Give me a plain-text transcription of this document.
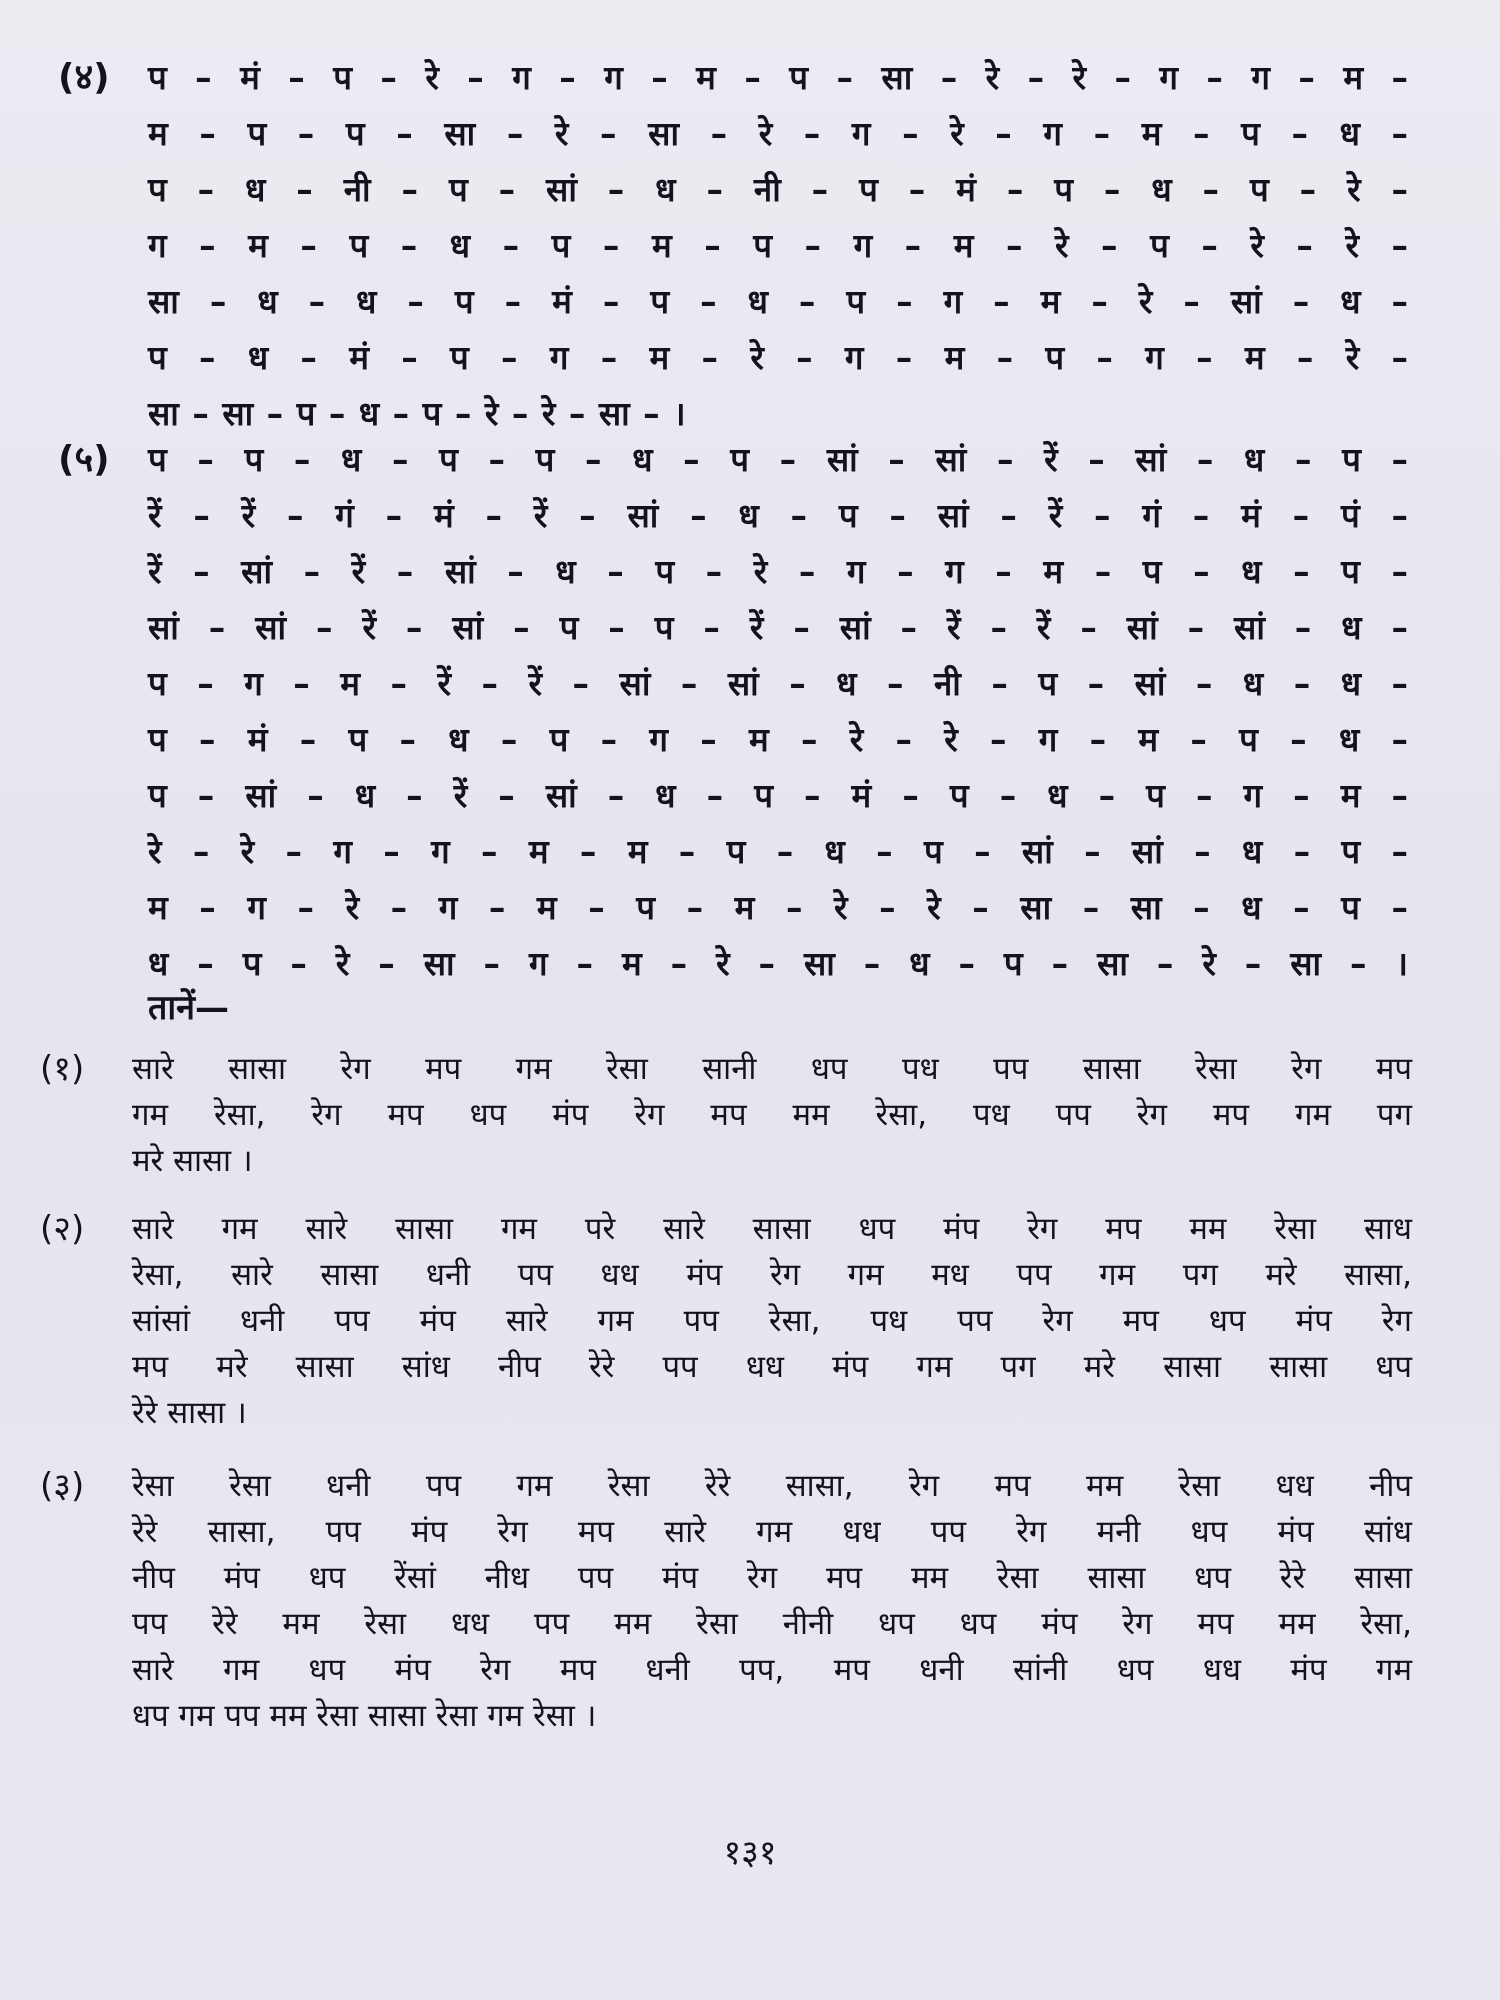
(४)	प – मं – प – रे – ग – ग – म – प – सा – रे – रे – ग – ग – म –
म – प – प – सा – रे – सा – रे – ग – रे – ग – म – प – ध –
प – ध – नी – प – सां – ध – नी – प – मं – प – ध – प – रे –
ग – म – प – ध – प – म – प – ग – म – रे – प – रे – रे –
सा – ध – ध – प – मं – प – ध – प – ग – म – रे – सां – ध –
प – ध – मं – प – ग – म – रे – ग – म – प – ग – म – रे –
सा – सा – प – ध – प – रे – रे – सा – ।
(५)	प – प – ध – प – प – ध – प – सां – सां – रें – सां – ध – प –
रें – रें – गं – मं – रें – सां – ध – प – सां – रें – गं – मं – पं –
रें – सां – रें – सां – ध – प – रे – ग – ग – म – प – ध – प –
सां – सां – रें – सां – प – प – रें – सां – रें – रें – सां – सां – ध –
प – ग – म – रें – रें – सां – सां – ध – नी – प – सां – ध – ध –
प – मं – प – ध – प – ग – म – रे – रे – ग – म – प – ध –
प – सां – ध – रें – सां – ध – प – मं – प – ध – प – ग – म –
रे – रे – ग – ग – म – म – प – ध – प – सां – सां – ध – प –
म – ग – रे – ग – म – प – म – रे – रे – सा – सा – ध – प –
ध – प – रे – सा – ग – म – रे – सा – ध – प – सा – रे – सा – ।
तानें—
(१)	सारे सासा रेग मप गम रेसा सानी धप पध पप सासा रेसा रेग मप
गम रेसा, रेग मप धप मंप रेग मप मम रेसा, पध पप रेग मप गम पग
मरे सासा ।
(२)	सारे गम सारे सासा गम परे सारे सासा धप मंप रेग मप मम रेसा साध
रेसा, सारे सासा धनी पप धध मंप रेग गम मध पप गम पग मरे सासा,
सांसां धनी पप मंप सारे गम पप रेसा, पध पप रेग मप धप मंप रेग
मप मरे सासा सांध नीप रेरे पप धध मंप गम पग मरे सासा सासा धप
रेरे सासा ।
(३)	रेसा रेसा धनी पप गम रेसा रेरे सासा, रेग मप मम रेसा धध नीप
रेरे सासा, पप मंप रेग मप सारे गम धध पप रेग मनी धप मंप सांध
नीप मंप धप रेंसां नीध पप मंप रेग मप मम रेसा सासा धप रेरे सासा
पप रेरे मम रेसा धध पप मम रेसा नीनी धप धप मंप रेग मप मम रेसा,
सारे गम धप मंप रेग मप धनी पप, मप धनी सांनी धप धध मंप गम
धप गम पप मम रेसा सासा रेसा गम रेसा ।
१३१
